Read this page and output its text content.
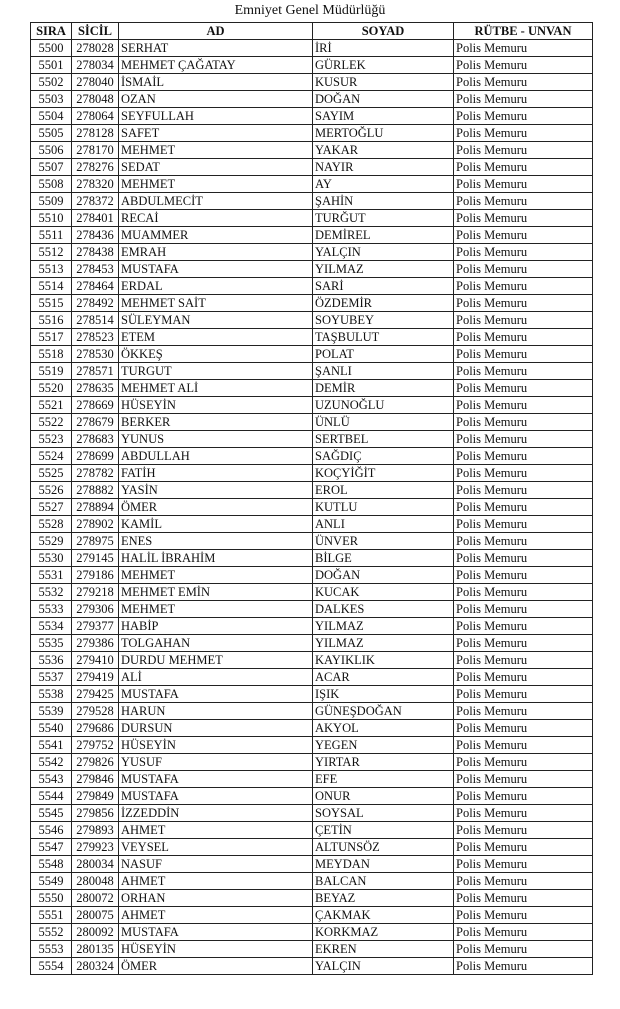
Emniyet Genel Müdürlüğü
SIRA	SİCİL	AD	SOYAD	RÜTBE - UNVAN
5500	278028	SERHAT	İRİ	Polis Memuru
5501	278034	MEHMET ÇAĞATAY	GÜRLEK	Polis Memuru
5502	278040	İSMAİL	KUSUR	Polis Memuru
5503	278048	OZAN	DOĞAN	Polis Memuru
5504	278064	SEYFULLAH	SAYIM	Polis Memuru
5505	278128	SAFET	MERTOĞLU	Polis Memuru
5506	278170	MEHMET	YAKAR	Polis Memuru
5507	278276	SEDAT	NAYIR	Polis Memuru
5508	278320	MEHMET	AY	Polis Memuru
5509	278372	ABDULMECİT	ŞAHİN	Polis Memuru
5510	278401	RECAİ	TURĞUT	Polis Memuru
5511	278436	MUAMMER	DEMİREL	Polis Memuru
5512	278438	EMRAH	YALÇIN	Polis Memuru
5513	278453	MUSTAFA	YILMAZ	Polis Memuru
5514	278464	ERDAL	SARİ	Polis Memuru
5515	278492	MEHMET SAİT	ÖZDEMİR	Polis Memuru
5516	278514	SÜLEYMAN	SOYUBEY	Polis Memuru
5517	278523	ETEM	TAŞBULUT	Polis Memuru
5518	278530	ÖKKEŞ	POLAT	Polis Memuru
5519	278571	TURGUT	ŞANLI	Polis Memuru
5520	278635	MEHMET ALİ	DEMİR	Polis Memuru
5521	278669	HÜSEYİN	UZUNOĞLU	Polis Memuru
5522	278679	BERKER	ÜNLÜ	Polis Memuru
5523	278683	YUNUS	SERTBEL	Polis Memuru
5524	278699	ABDULLAH	SAĞDIÇ	Polis Memuru
5525	278782	FATİH	KOÇYİĞİT	Polis Memuru
5526	278882	YASİN	EROL	Polis Memuru
5527	278894	ÖMER	KUTLU	Polis Memuru
5528	278902	KAMİL	ANLI	Polis Memuru
5529	278975	ENES	ÜNVER	Polis Memuru
5530	279145	HALİL İBRAHİM	BİLGE	Polis Memuru
5531	279186	MEHMET	DOĞAN	Polis Memuru
5532	279218	MEHMET EMİN	KUCAK	Polis Memuru
5533	279306	MEHMET	DALKES	Polis Memuru
5534	279377	HABİP	YILMAZ	Polis Memuru
5535	279386	TOLGAHAN	YILMAZ	Polis Memuru
5536	279410	DURDU MEHMET	KAYIKLIK	Polis Memuru
5537	279419	ALİ	ACAR	Polis Memuru
5538	279425	MUSTAFA	IŞIK	Polis Memuru
5539	279528	HARUN	GÜNEŞDOĞAN	Polis Memuru
5540	279686	DURSUN	AKYOL	Polis Memuru
5541	279752	HÜSEYİN	YEGEN	Polis Memuru
5542	279826	YUSUF	YIRTAR	Polis Memuru
5543	279846	MUSTAFA	EFE	Polis Memuru
5544	279849	MUSTAFA	ONUR	Polis Memuru
5545	279856	İZZEDDİN	SOYSAL	Polis Memuru
5546	279893	AHMET	ÇETİN	Polis Memuru
5547	279923	VEYSEL	ALTUNSÖZ	Polis Memuru
5548	280034	NASUF	MEYDAN	Polis Memuru
5549	280048	AHMET	BALCAN	Polis Memuru
5550	280072	ORHAN	BEYAZ	Polis Memuru
5551	280075	AHMET	ÇAKMAK	Polis Memuru
5552	280092	MUSTAFA	KORKMAZ	Polis Memuru
5553	280135	HÜSEYİN	EKREN	Polis Memuru
5554	280324	ÖMER	YALÇIN	Polis Memuru
